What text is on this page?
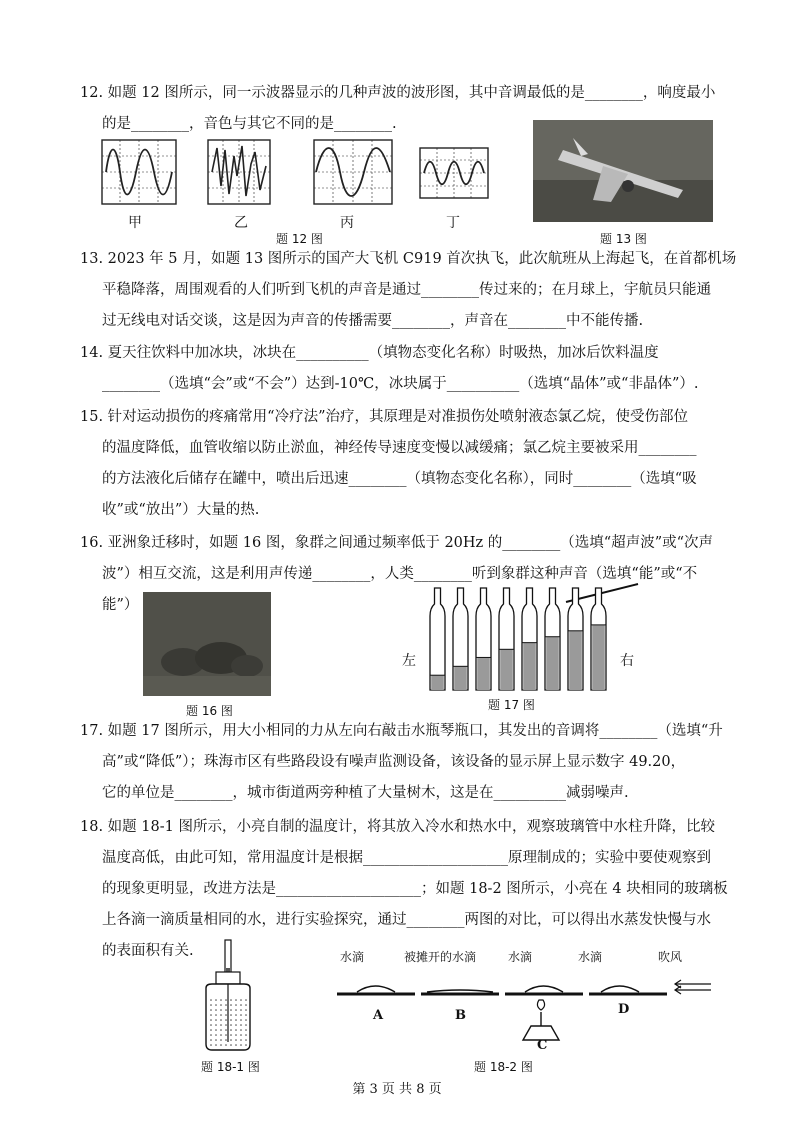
12. 如题 12 图所示，同一示波器显示的几种声波的波形图，其中音调最低的是________，响度最小
的是________，音色与其它不同的是________.
甲	乙	丙	丁
题 12 图	题 13 图
13. 2023 年 5 月，如题 13 图所示的国产大飞机 C919 首次执飞，此次航班从上海起飞，在首都机场
平稳降落，周围观看的人们听到飞机的声音是通过________传过来的；在月球上，宇航员只能通
过无线电对话交谈，这是因为声音的传播需要________，声音在________中不能传播.
14. 夏天往饮料中加冰块，冰块在__________（填物态变化名称）时吸热，加冰后饮料温度
________（选填“会”或“不会”）达到-10℃，冰块属于__________（选填“晶体”或“非晶体”）.
15. 针对运动损伤的疼痛常用“冷疗法”治疗，其原理是对准损伤处喷射液态氯乙烷，使受伤部位
的温度降低，血管收缩以防止淤血，神经传导速度变慢以减缓痛；氯乙烷主要被采用________
的方法液化后储存在罐中，喷出后迅速________（填物态变化名称），同时________（选填“吸
收”或“放出”）大量的热.
16. 亚洲象迁移时，如题 16 图，象群之间通过频率低于 20Hz 的________（选填“超声波”或“次声
波”）相互交流，这是利用声传递________，人类________听到象群这种声音（选填“能”或“不
能”）
题 16 图
左	右
题 17 图
17. 如题 17 图所示，用大小相同的力从左向右敲击水瓶琴瓶口，其发出的音调将________（选填“升
高”或“降低”）；珠海市区有些路段设有噪声监测设备，该设备的显示屏上显示数字 49.20，
它的单位是________，城市街道两旁种植了大量树木，这是在__________减弱噪声.
18. 如题 18-1 图所示，小亮自制的温度计，将其放入冷水和热水中，观察玻璃管中水柱升降，比较
温度高低，由此可知，常用温度计是根据____________________原理制成的；实验中要使观察到
的现象更明显，改进方法是____________________；如题 18-2 图所示，小亮在 4 块相同的玻璃板
上各滴一滴质量相同的水，进行实验探究，通过________两图的对比，可以得出水蒸发快慢与水
的表面积有关.
题 18-1 图
水滴	被摊开的水滴	水滴	水滴	吹风
A	B
C
D
题 18-2 图
第 3 页 共 8 页
